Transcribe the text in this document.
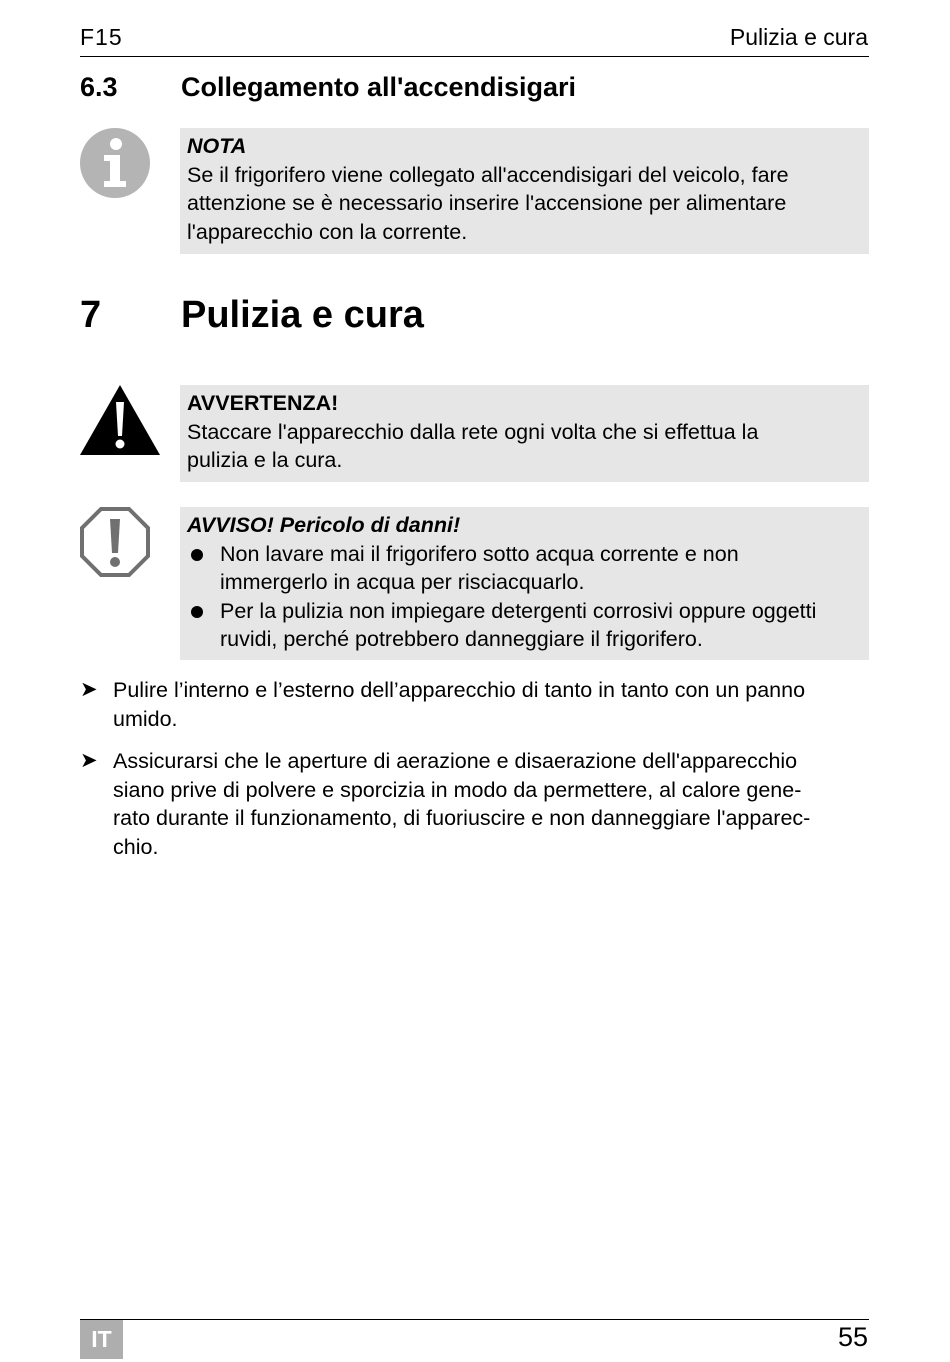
F15	Pulizia e cura
6.3 Collegamento all'accendisigari
NOTA
Se il frigorifero viene collegato all'accendisigari del veicolo, fare
attenzione se è necessario inserire l'accensione per alimentare
l'apparecchio con la corrente.
7 Pulizia e cura
AVVERTENZA!
Staccare l'apparecchio dalla rete ogni volta che si effettua la
pulizia e la cura.
AVVISO! Pericolo di danni!
Non lavare mai il frigorifero sotto acqua corrente e non
immergerlo in acqua per risciacquarlo.
Per la pulizia non impiegare detergenti corrosivi oppure oggetti
ruvidi, perché potrebbero danneggiare il frigorifero.
➤ Pulire l’interno e l’esterno dell’apparecchio di tanto in tanto con un panno
umido.
➤ Assicurarsi che le aperture di aerazione e disaerazione dell'apparecchio
siano prive di polvere e sporcizia in modo da permettere, al calore gene-
rato durante il funzionamento, di fuoriuscire e non danneggiare l'apparec-
chio.
IT	55
